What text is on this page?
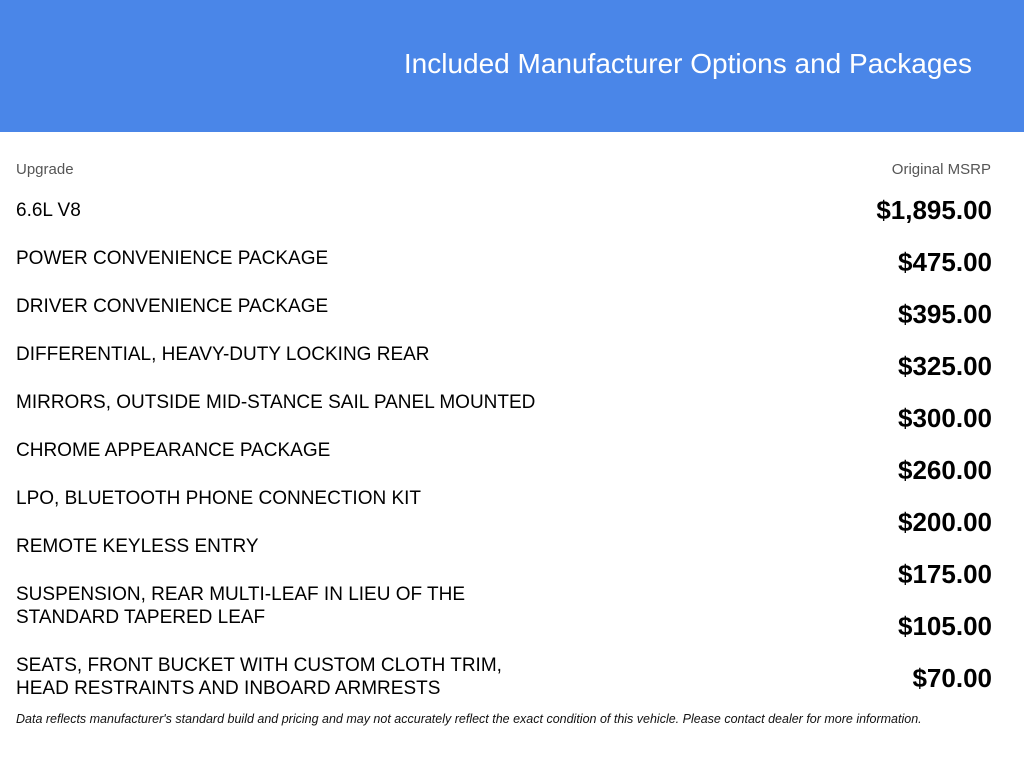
Included Manufacturer Options and Packages
Upgrade	Original MSRP
6.6L V8
POWER CONVENIENCE PACKAGE
DRIVER CONVENIENCE PACKAGE
DIFFERENTIAL, HEAVY-DUTY LOCKING REAR
MIRRORS, OUTSIDE MID-STANCE SAIL PANEL MOUNTED
CHROME APPEARANCE PACKAGE
LPO, BLUETOOTH PHONE CONNECTION KIT
REMOTE KEYLESS ENTRY
SUSPENSION, REAR MULTI-LEAF IN LIEU OF THE STANDARD TAPERED LEAF
SEATS, FRONT BUCKET WITH CUSTOM CLOTH TRIM, HEAD RESTRAINTS AND INBOARD ARMRESTS
$1,895.00
$475.00
$395.00
$325.00
$300.00
$260.00
$200.00
$175.00
$105.00
$70.00
Data reflects manufacturer's standard build and pricing and may not accurately reflect the exact condition of this vehicle. Please contact dealer for more information.
